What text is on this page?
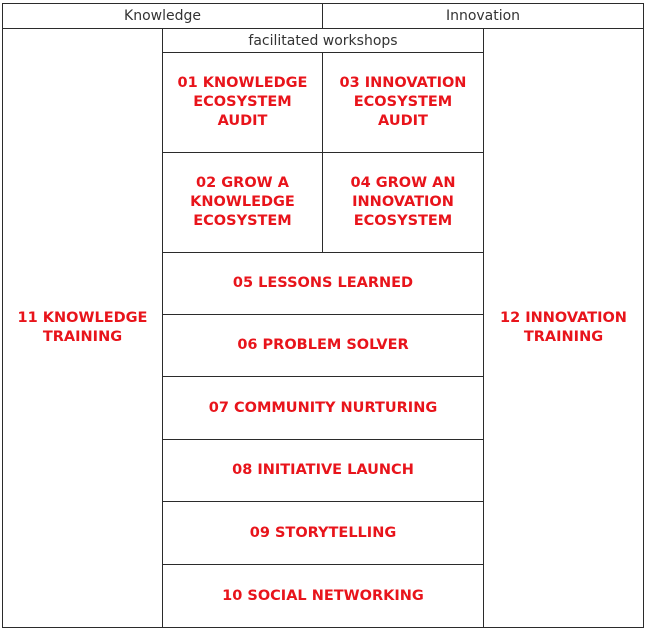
Knowledge	Innovation
11 KNOWLEDGE
TRAINING
12 INNOVATION
TRAINING
facilitated workshops
01 KNOWLEDGE
ECOSYSTEM
AUDIT
03 INNOVATION
ECOSYSTEM
AUDIT
02 GROW A
KNOWLEDGE
ECOSYSTEM
04 GROW AN
INNOVATION
ECOSYSTEM
05 LESSONS LEARNED
06 PROBLEM SOLVER
07 COMMUNITY NURTURING
08 INITIATIVE LAUNCH
09 STORYTELLING
10 SOCIAL NETWORKING
